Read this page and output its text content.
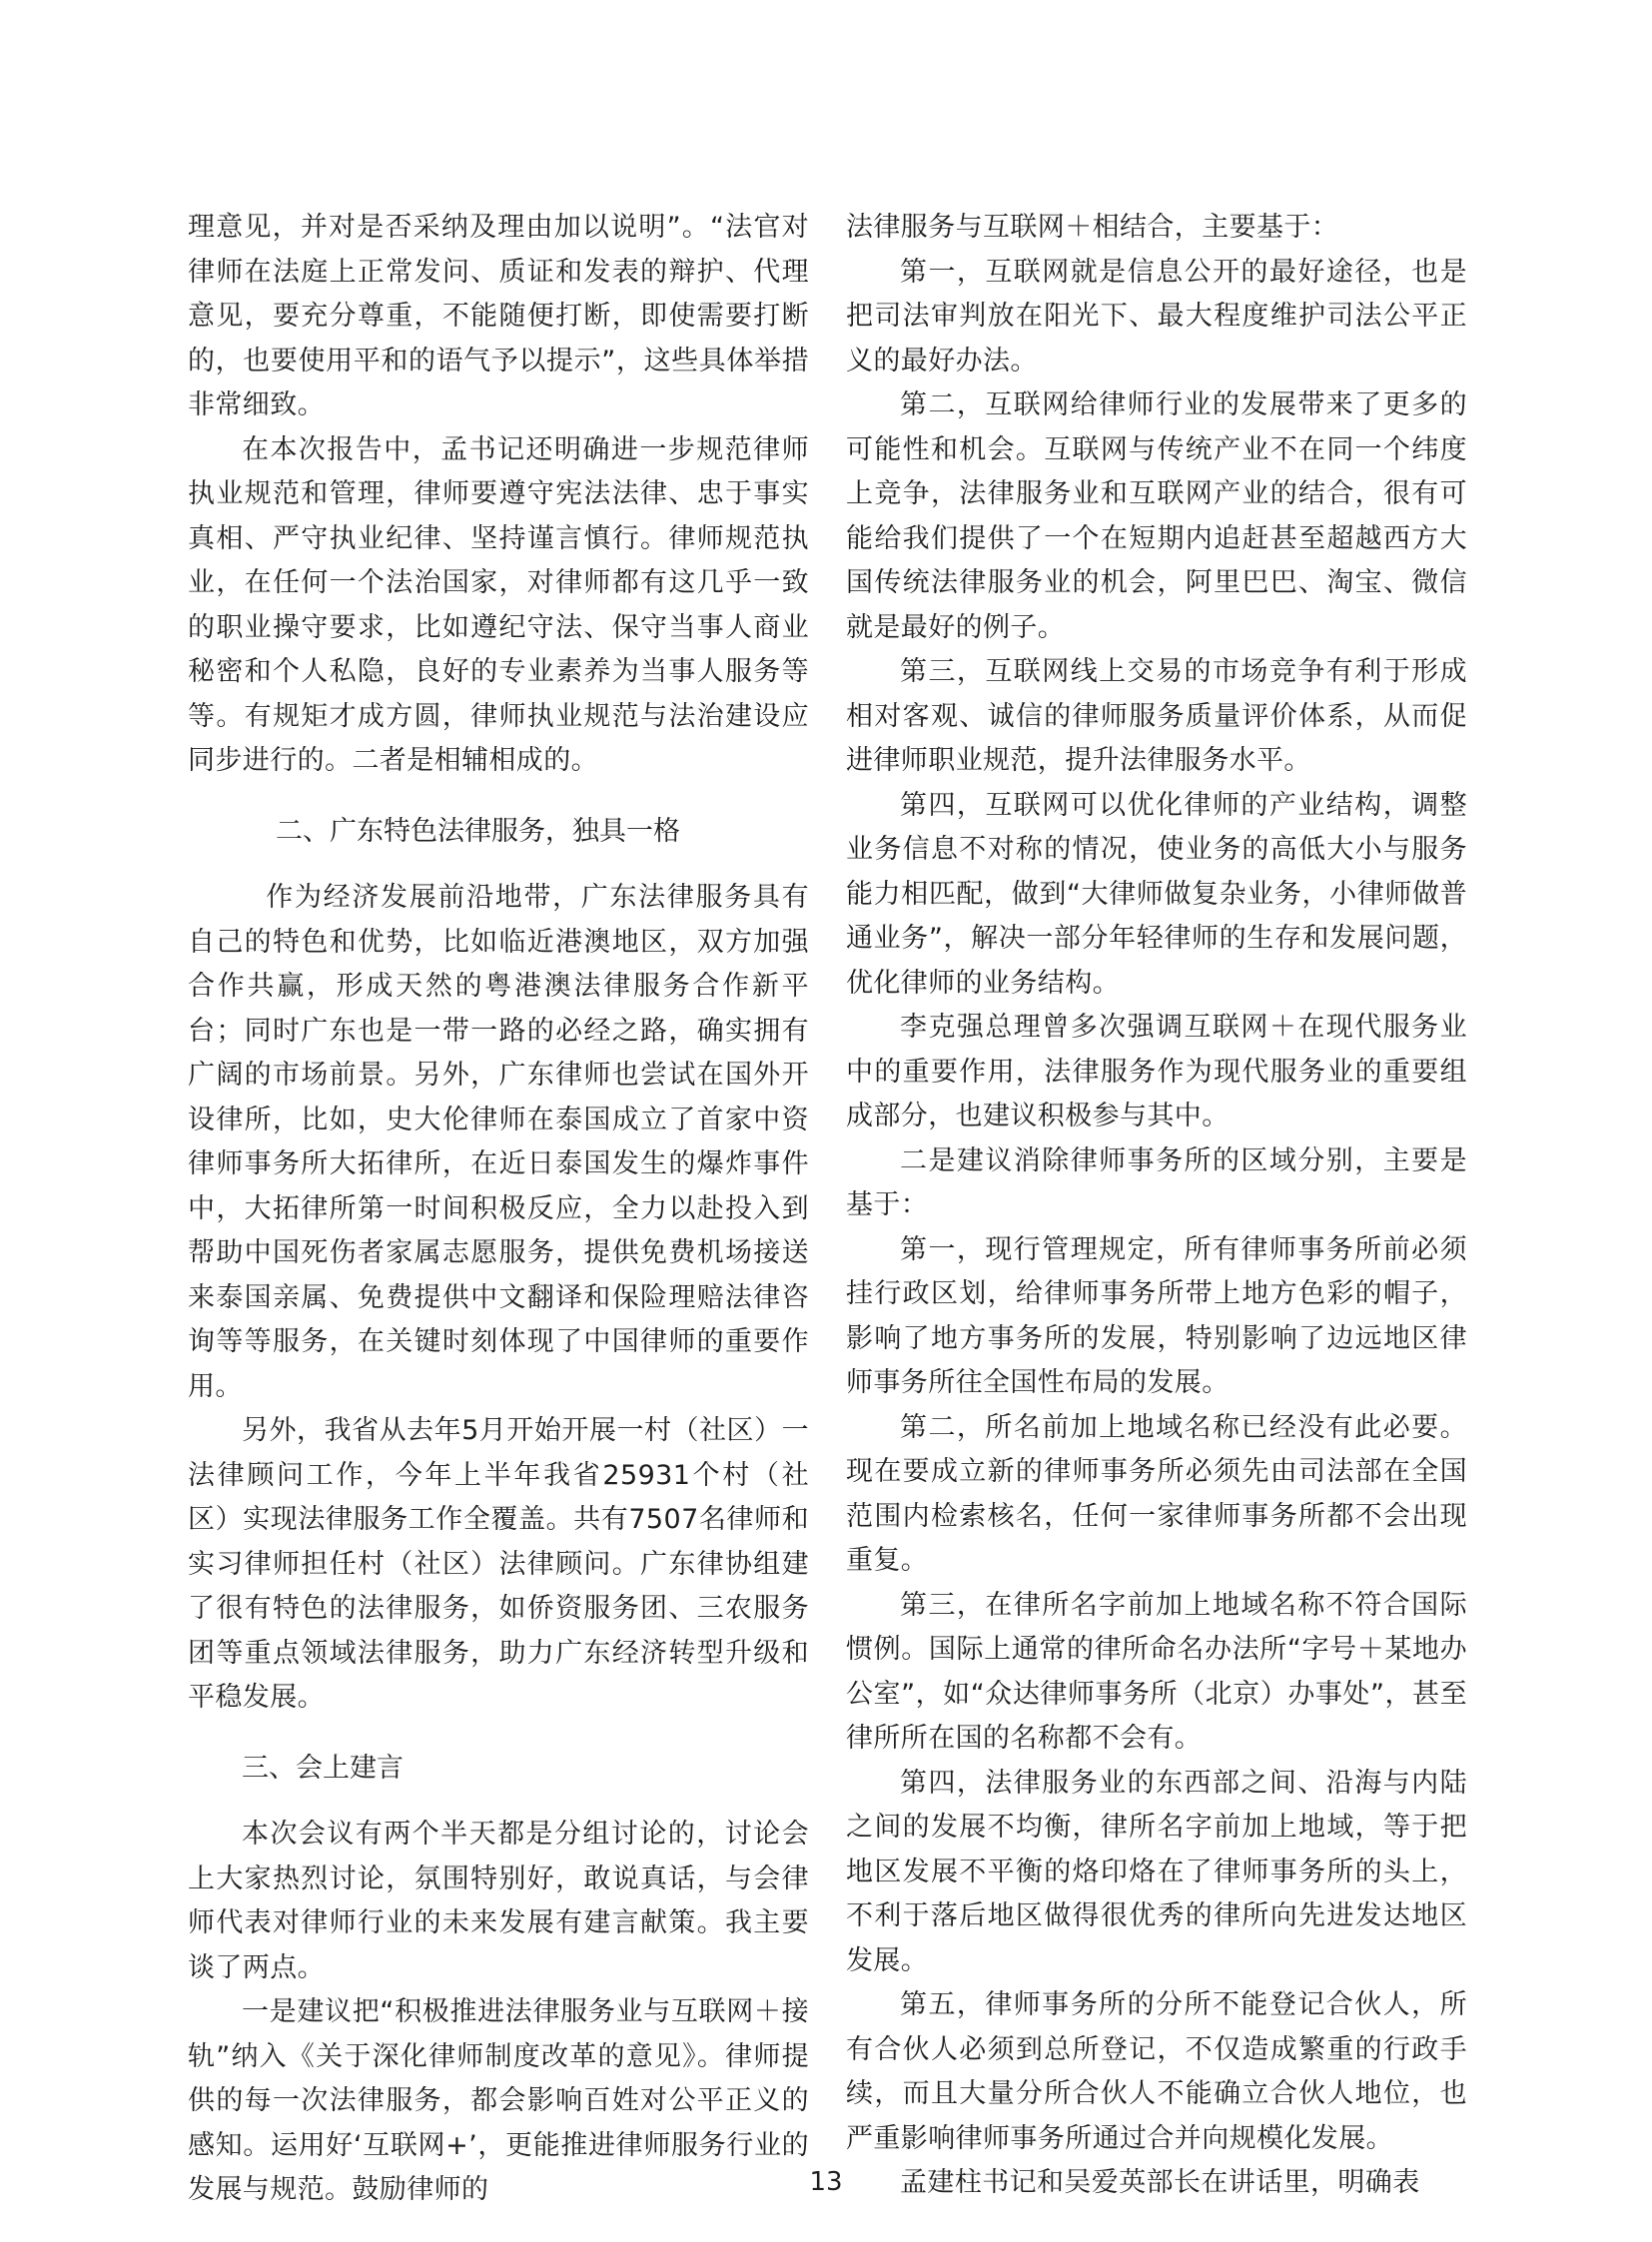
理意见，并对是否采纳及理由加以说明”。“法官对律师在法庭上正常发问、质证和发表的辩护、代理意见，要充分尊重，不能随便打断，即使需要打断的，也要使用平和的语气予以提示”，这些具体举措非常细致。

在本次报告中，孟书记还明确进一步规范律师执业规范和管理，律师要遵守宪法法律、忠于事实真相、严守执业纪律、坚持谨言慎行。律师规范执业，在任何一个法治国家，对律师都有这几乎一致的职业操守要求，比如遵纪守法、保守当事人商业秘密和个人私隐，良好的专业素养为当事人服务等等。有规矩才成方圆，律师执业规范与法治建设应同步进行的。二者是相辅相成的。

二、广东特色法律服务，独具一格

作为经济发展前沿地带，广东法律服务具有自己的特色和优势，比如临近港澳地区，双方加强合作共赢，形成天然的粤港澳法律服务合作新平台；同时广东也是一带一路的必经之路，确实拥有广阔的市场前景。另外，广东律师也尝试在国外开设律所，比如，史大伦律师在泰国成立了首家中资律师事务所大拓律所，在近日泰国发生的爆炸事件中，大拓律所第一时间积极反应，全力以赴投入到帮助中国死伤者家属志愿服务，提供免费机场接送来泰国亲属、免费提供中文翻译和保险理赔法律咨询等等服务，在关键时刻体现了中国律师的重要作用。

另外，我省从去年5月开始开展一村（社区）一法律顾问工作，今年上半年我省25931个村（社区）实现法律服务工作全覆盖。共有7507名律师和实习律师担任村（社区）法律顾问。广东律协组建了很有特色的法律服务，如侨资服务团、三农服务团等重点领域法律服务，助力广东经济转型升级和平稳发展。

三、会上建言

本次会议有两个半天都是分组讨论的，讨论会上大家热烈讨论，氛围特别好，敢说真话，与会律师代表对律师行业的未来发展有建言献策。我主要谈了两点。

一是建议把“积极推进法律服务业与互联网＋接轨”纳入《关于深化律师制度改革的意见》。律师提供的每一次法律服务，都会影响百姓对公平正义的感知。运用好‘互联网+’，更能推进律师服务行业的发展与规范。鼓励律师的

法律服务与互联网＋相结合，主要基于：

第一，互联网就是信息公开的最好途径，也是把司法审判放在阳光下、最大程度维护司法公平正义的最好办法。

第二，互联网给律师行业的发展带来了更多的可能性和机会。互联网与传统产业不在同一个纬度上竞争，法律服务业和互联网产业的结合，很有可能给我们提供了一个在短期内追赶甚至超越西方大国传统法律服务业的机会，阿里巴巴、淘宝、微信就是最好的例子。

第三，互联网线上交易的市场竞争有利于形成相对客观、诚信的律师服务质量评价体系，从而促进律师职业规范，提升法律服务水平。

第四，互联网可以优化律师的产业结构，调整业务信息不对称的情况，使业务的高低大小与服务能力相匹配，做到“大律师做复杂业务，小律师做普通业务”，解决一部分年轻律师的生存和发展问题，优化律师的业务结构。

李克强总理曾多次强调互联网＋在现代服务业中的重要作用，法律服务作为现代服务业的重要组成部分，也建议积极参与其中。

二是建议消除律师事务所的区域分别，主要是基于：

第一，现行管理规定，所有律师事务所前必须挂行政区划，给律师事务所带上地方色彩的帽子，影响了地方事务所的发展，特别影响了边远地区律师事务所往全国性布局的发展。

第二，所名前加上地域名称已经没有此必要。现在要成立新的律师事务所必须先由司法部在全国范围内检索核名，任何一家律师事务所都不会出现重复。

第三，在律所名字前加上地域名称不符合国际惯例。国际上通常的律所命名办法所“字号＋某地办公室”，如“众达律师事务所（北京）办事处”，甚至律所所在国的名称都不会有。

第四，法律服务业的东西部之间、沿海与内陆之间的发展不均衡，律所名字前加上地域，等于把地区发展不平衡的烙印烙在了律师事务所的头上，不利于落后地区做得很优秀的律所向先进发达地区发展。

第五，律师事务所的分所不能登记合伙人，所有合伙人必须到总所登记，不仅造成繁重的行政手续，而且大量分所合伙人不能确立合伙人地位，也严重影响律师事务所通过合并向规模化发展。

孟建柱书记和吴爱英部长在讲话里，明确表

13
